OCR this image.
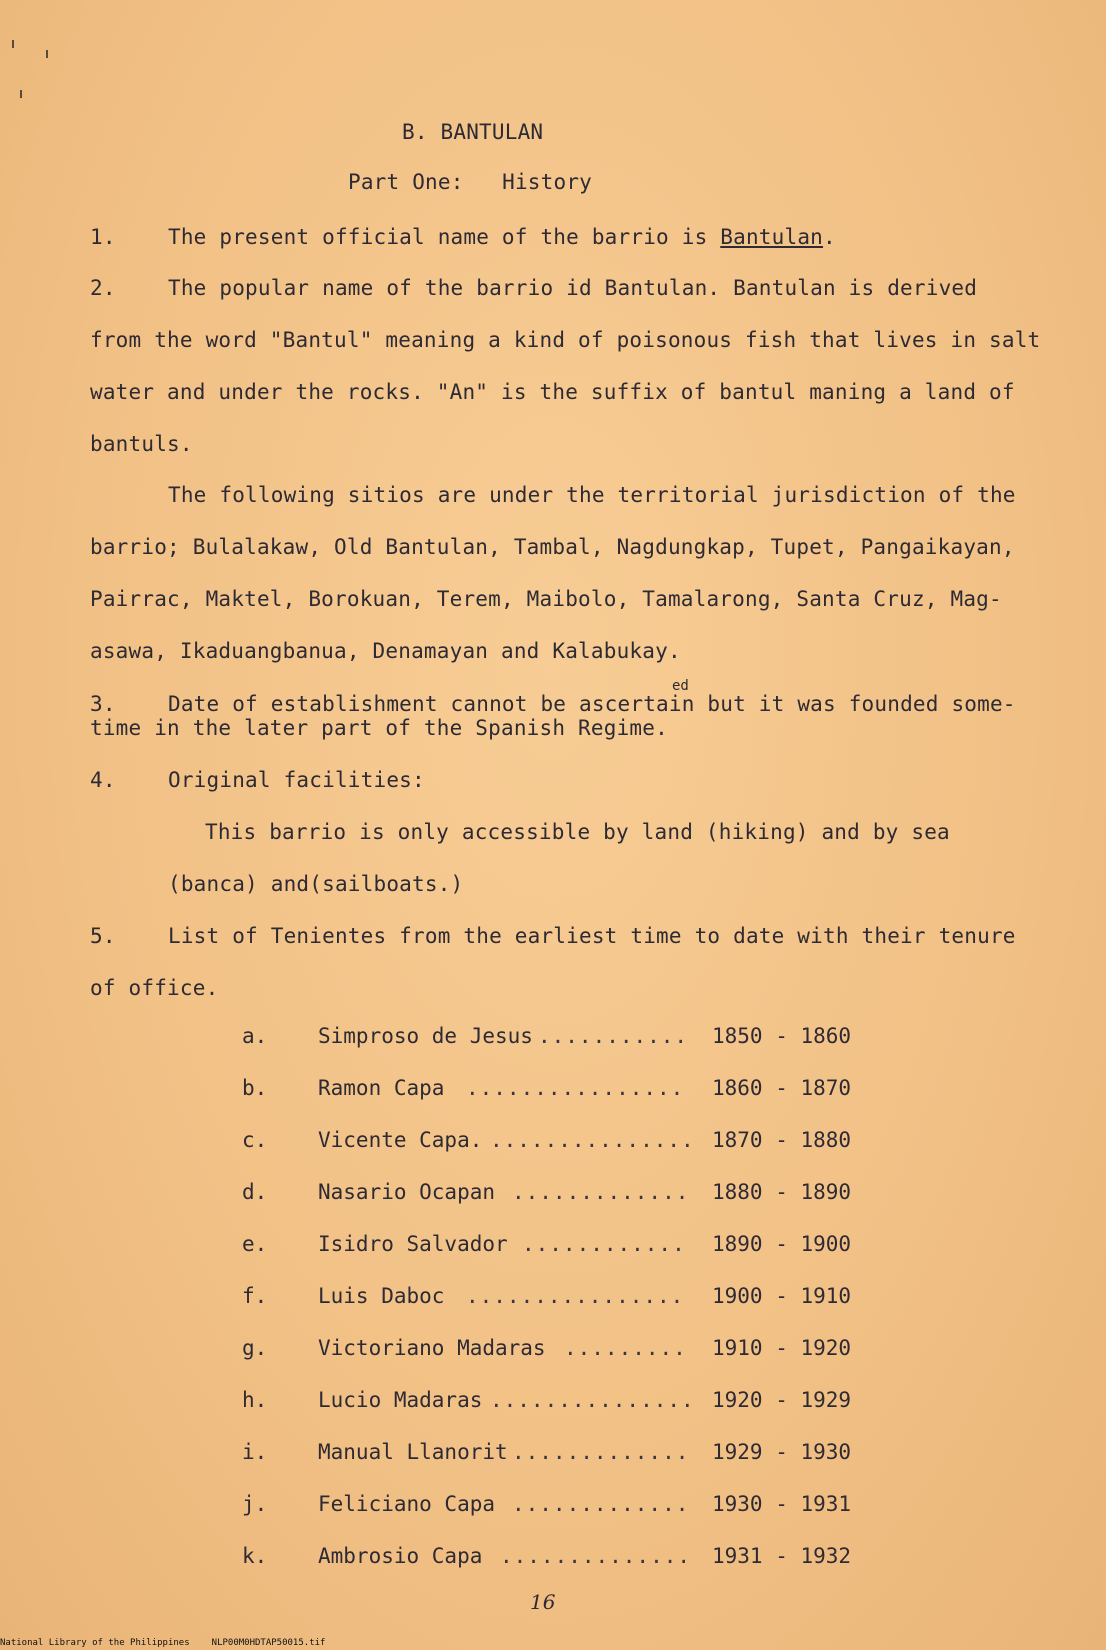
B. BANTULAN
Part One:   History
1. The present official name of the barrio is Bantulan.
2. The popular name of the barrio id Bantulan. Bantulan is derived
from the word "Bantul" meaning a kind of poisonous fish that lives in salt
water and under the rocks. "An" is the suffix of bantul maning a land of
bantuls.
The following sitios are under the territorial jurisdiction of the
barrio; Bulalakaw, Old Bantulan, Tambal, Nagdungkap, Tupet, Pangaikayan,
Pairrac, Maktel, Borokuan, Terem, Maibolo, Tamalarong, Santa Cruz, Mag-
asawa, Ikaduangbanua, Denamayan and Kalabukay.
3. Date of establishment cannot be ascertain but it was founded some-
ed
time in the later part of the Spanish Regime.
4. Original facilities:
This barrio is only accessible by land (hiking) and by sea
(banca) and(sailboats.)
5. List of Tenientes from the earliest time to date with their tenure
of office.
a. Simproso de Jesus ........... 1850 - 1860
b. Ramon Capa ................ 1860 - 1870
c. Vicente Capa. ............... 1870 - 1880
d. Nasario Ocapan ............. 1880 - 1890
e. Isidro Salvador ............ 1890 - 1900
f. Luis Daboc ................ 1900 - 1910
g. Victoriano Madaras ......... 1910 - 1920
h. Lucio Madaras ............... 1920 - 1929
i. Manual Llanorit ............. 1929 - 1930
j. Feliciano Capa ............. 1930 - 1931
k. Ambrosio Capa .............. 1931 - 1932
16
National Library of the Philippines NLP00M0HDTAP50015.tif
